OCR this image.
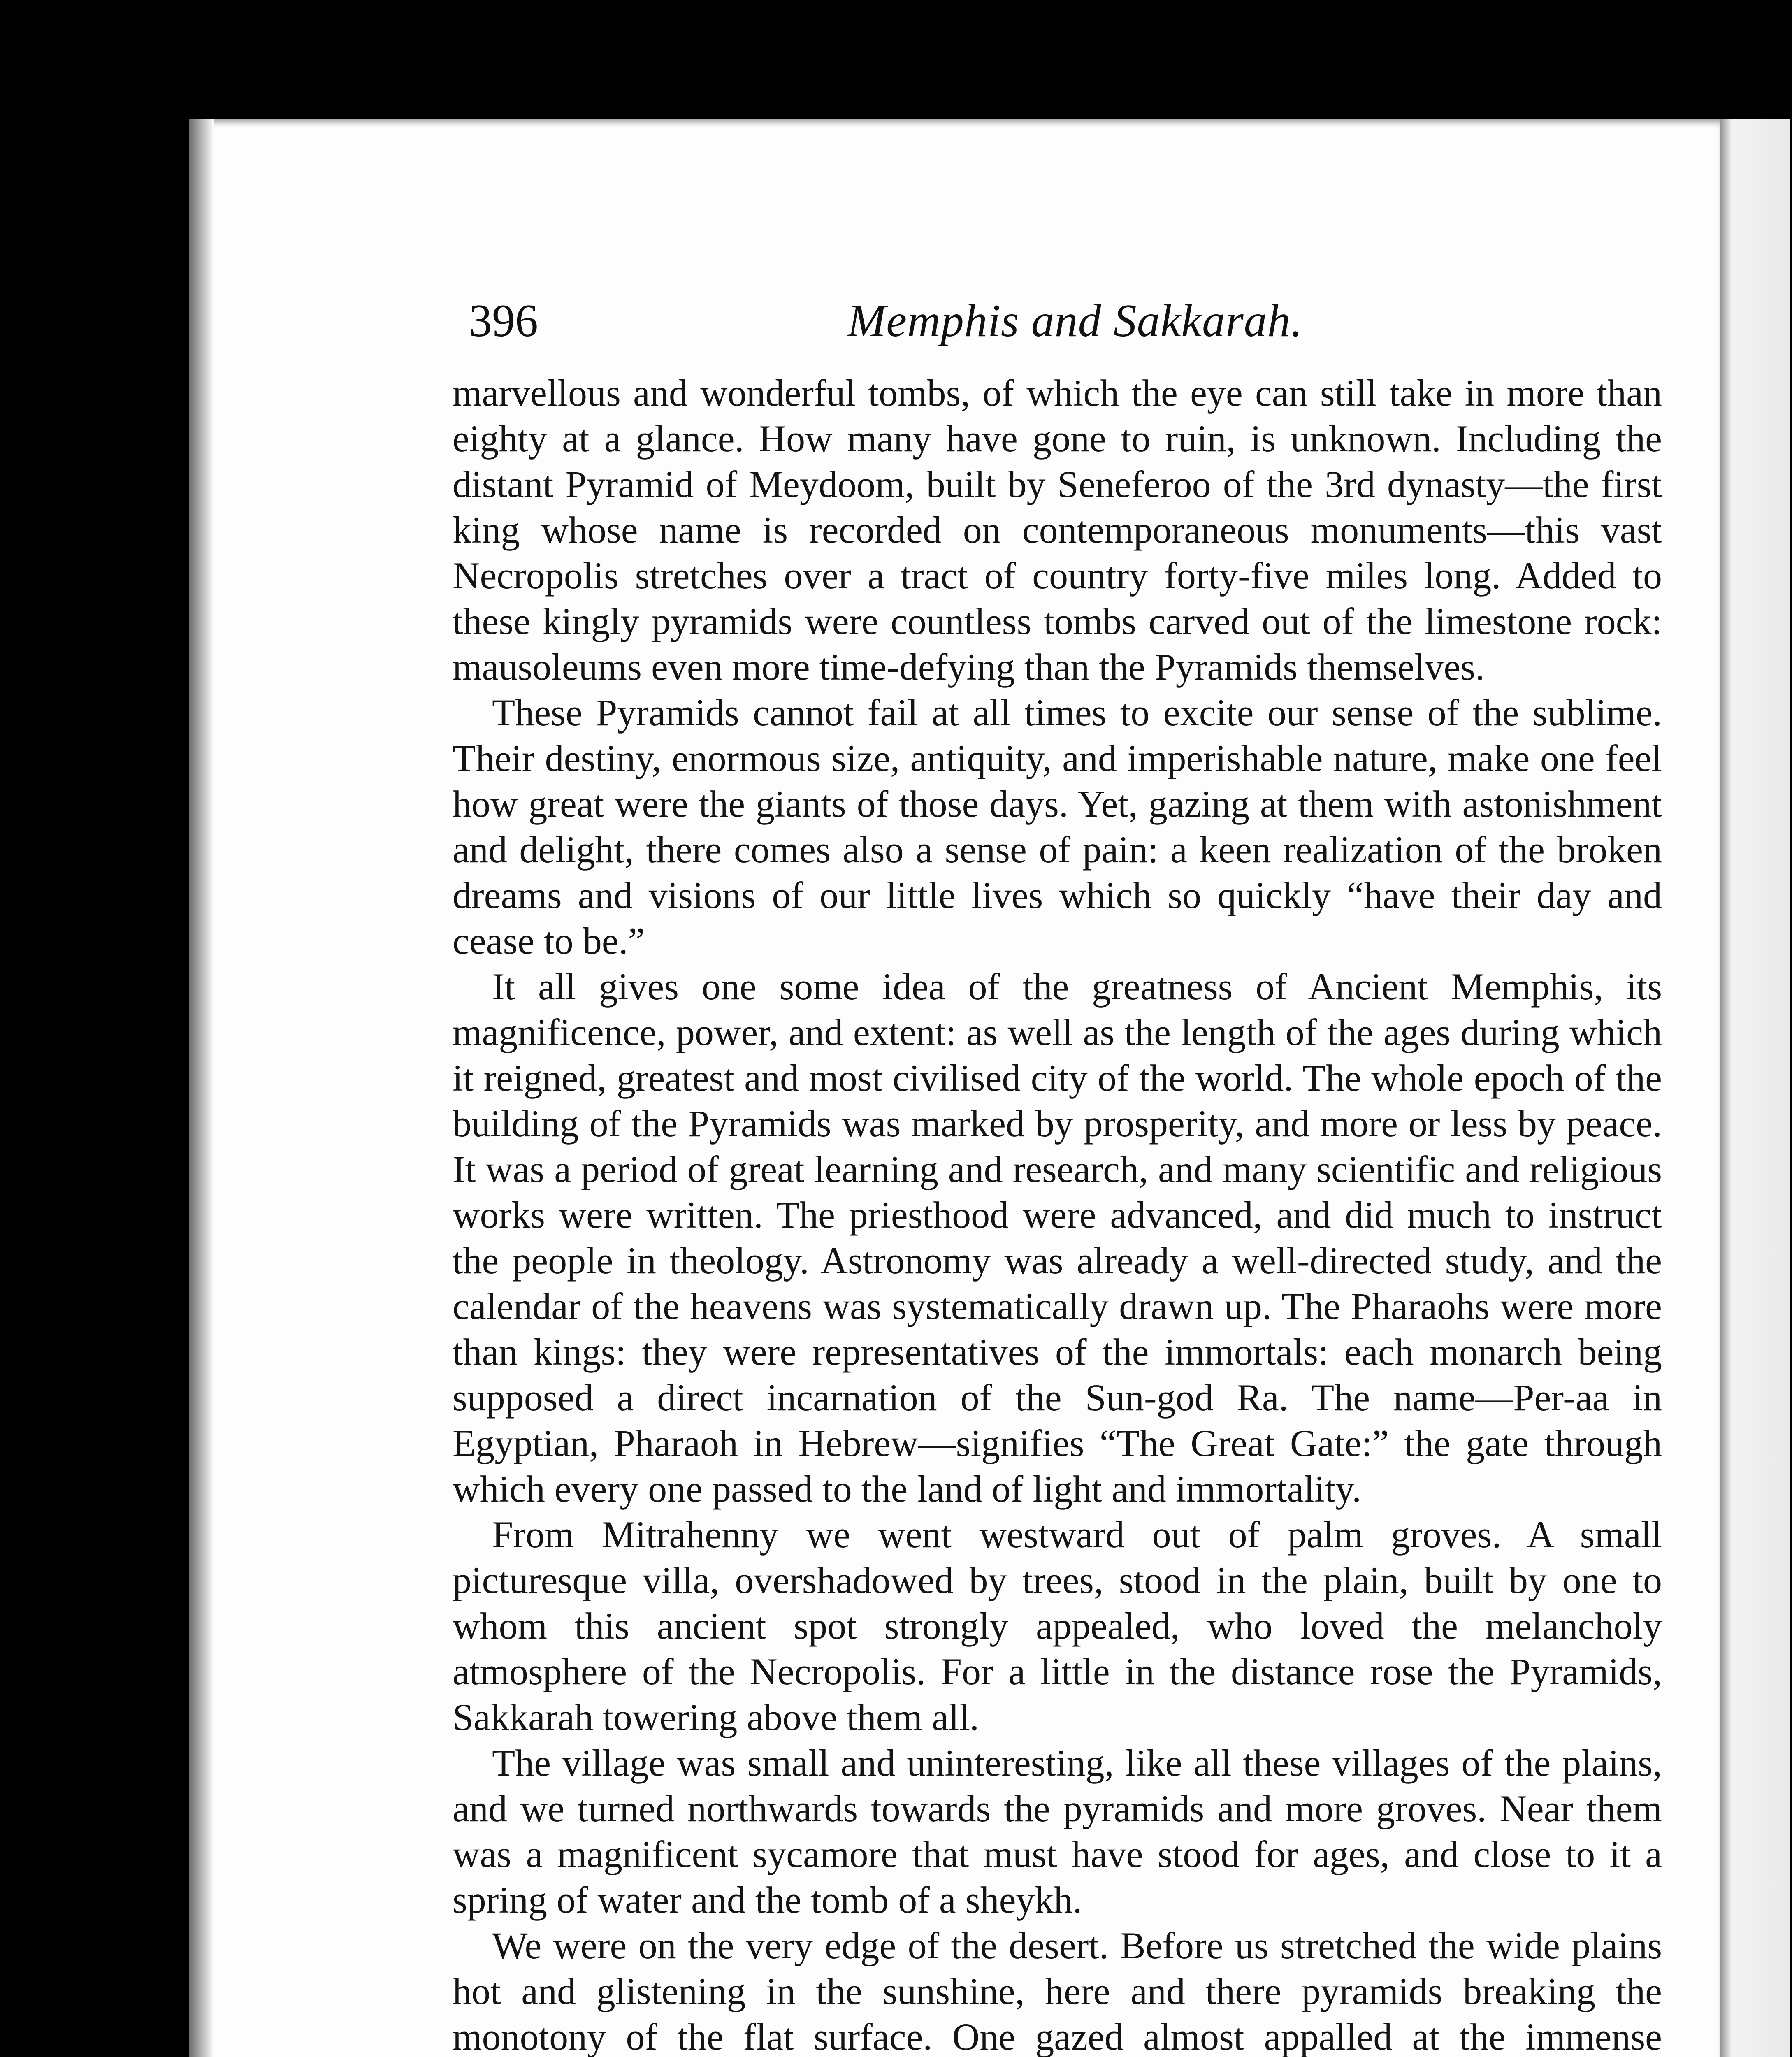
396	Memphis and Sakkarah.

marvellous and wonderful tombs, of which the eye can still take in more than eighty at a glance. How many have gone to ruin, is unknown. Including the distant Pyramid of Meydoom, built by Seneferoo of the 3rd dynasty—the first king whose name is recorded on contemporaneous monuments—this vast Necropolis stretches over a tract of country forty-five miles long. Added to these kingly pyramids were countless tombs carved out of the limestone rock: mausoleums even more time-defying than the Pyramids themselves.

These Pyramids cannot fail at all times to excite our sense of the sublime. Their destiny, enormous size, antiquity, and imperishable nature, make one feel how great were the giants of those days. Yet, gazing at them with astonishment and delight, there comes also a sense of pain: a keen realization of the broken dreams and visions of our little lives which so quickly “have their day and cease to be.”

It all gives one some idea of the greatness of Ancient Memphis, its magnificence, power, and extent: as well as the length of the ages during which it reigned, greatest and most civilised city of the world. The whole epoch of the building of the Pyramids was marked by prosperity, and more or less by peace. It was a period of great learning and research, and many scientific and religious works were written. The priesthood were advanced, and did much to instruct the people in theology. Astronomy was already a well-directed study, and the calendar of the heavens was systematically drawn up. The Pharaohs were more than kings: they were representatives of the immortals: each monarch being supposed a direct incarnation of the Sun-god Ra. The name—Per-aa in Egyptian, Pharaoh in Hebrew—signifies “The Great Gate:” the gate through which every one passed to the land of light and immortality.

From Mitrahenny we went westward out of palm groves. A small picturesque villa, overshadowed by trees, stood in the plain, built by one to whom this ancient spot strongly appealed, who loved the melancholy atmosphere of the Necropolis. For a little in the distance rose the Pyramids, Sakkarah towering above them all.

The village was small and uninteresting, like all these villages of the plains, and we turned northwards towards the pyramids and more groves. Near them was a magnificent sycamore that must have stood for ages, and close to it a spring of water and the tomb of a sheykh.

We were on the very edge of the desert. Before us stretched the wide plains hot and glistening in the sunshine, here and there pyramids breaking the monotony of the flat surface. One gazed almost appalled at the immense
